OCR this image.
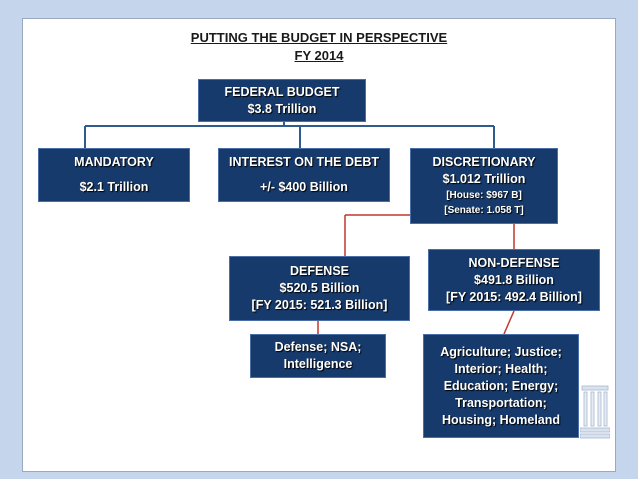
PUTTING THE BUDGET IN PERSPECTIVE
FY 2014
FEDERAL BUDGET
$3.8 Trillion
MANDATORY
$2.1 Trillion
INTEREST ON THE DEBT
+/- $400 Billion
DISCRETIONARY
$1.012 Trillion
[House: $967 B]
[Senate: 1.058 T]
DEFENSE
$520.5 Billion
[FY 2015: 521.3 Billion]
NON-DEFENSE
$491.8 Billion
[FY 2015: 492.4 Billion]
Defense; NSA;
Intelligence
Agriculture; Justice;
Interior; Health;
Education; Energy;
Transportation;
Housing; Homeland
